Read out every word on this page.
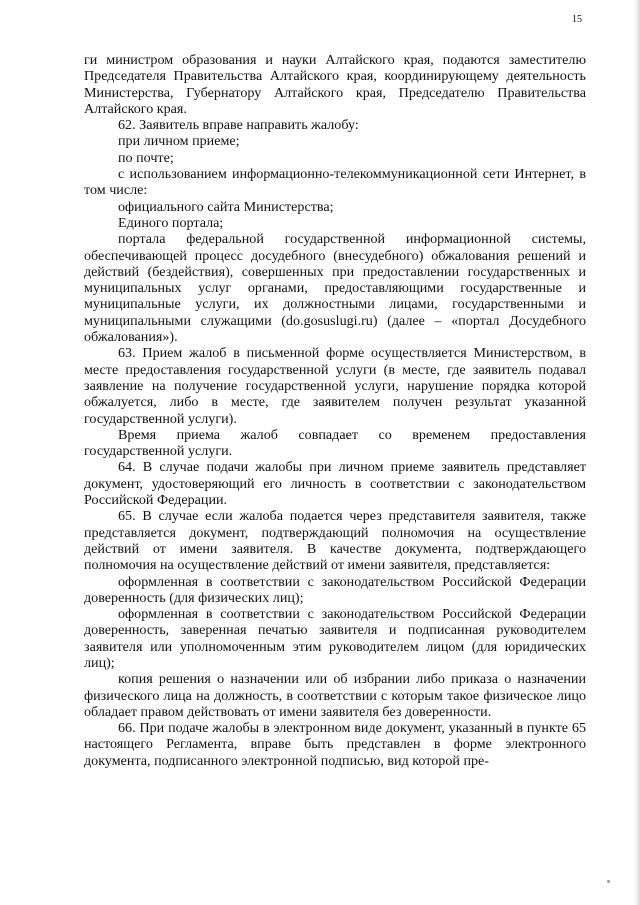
15

ги министром образования и науки Алтайского края, подаются заместителю Председателя Правительства Алтайского края, координирующему деятельность Министерства, Губернатору Алтайского края, Председателю Правительства Алтайского края.

62. Заявитель вправе направить жалобу:

при личном приеме;

по почте;

с использованием информационно-телекоммуникационной сети Интернет, в том числе:

официального сайта Министерства;

Единого портала;

портала федеральной государственной информационной системы, обеспечивающей процесс досудебного (внесудебного) обжалования решений и действий (бездействия), совершенных при предоставлении государственных и муниципальных услуг органами, предоставляющими государственные и муниципальные услуги, их должностными лицами, государственными и муниципальными служащими (do.gosuslugi.ru) (далее – «портал Досудебного обжалования»).

63. Прием жалоб в письменной форме осуществляется Министерством, в месте предоставления государственной услуги (в месте, где заявитель подавал заявление на получение государственной услуги, нарушение порядка которой обжалуется, либо в месте, где заявителем получен результат указанной государственной услуги).

Время приема жалоб совпадает со временем предоставления государственной услуги.

64. В случае подачи жалобы при личном приеме заявитель представляет документ, удостоверяющий его личность в соответствии с законодательством Российской Федерации.

65. В случае если жалоба подается через представителя заявителя, также представляется документ, подтверждающий полномочия на осуществление действий от имени заявителя. В качестве документа, подтверждающего полномочия на осуществление действий от имени заявителя, представляется:

оформленная в соответствии с законодательством Российской Федерации доверенность (для физических лиц);

оформленная в соответствии с законодательством Российской Федерации доверенность, заверенная печатью заявителя и подписанная руководителем заявителя или уполномоченным этим руководителем лицом (для юридических лиц);

копия решения о назначении или об избрании либо приказа о назначении физического лица на должность, в соответствии с которым такое физическое лицо обладает правом действовать от имени заявителя без доверенности.

66. При подаче жалобы в электронном виде документ, указанный в пункте 65 настоящего Регламента, вправе быть представлен в форме электронного документа, подписанного электронной подписью, вид которой пре-
